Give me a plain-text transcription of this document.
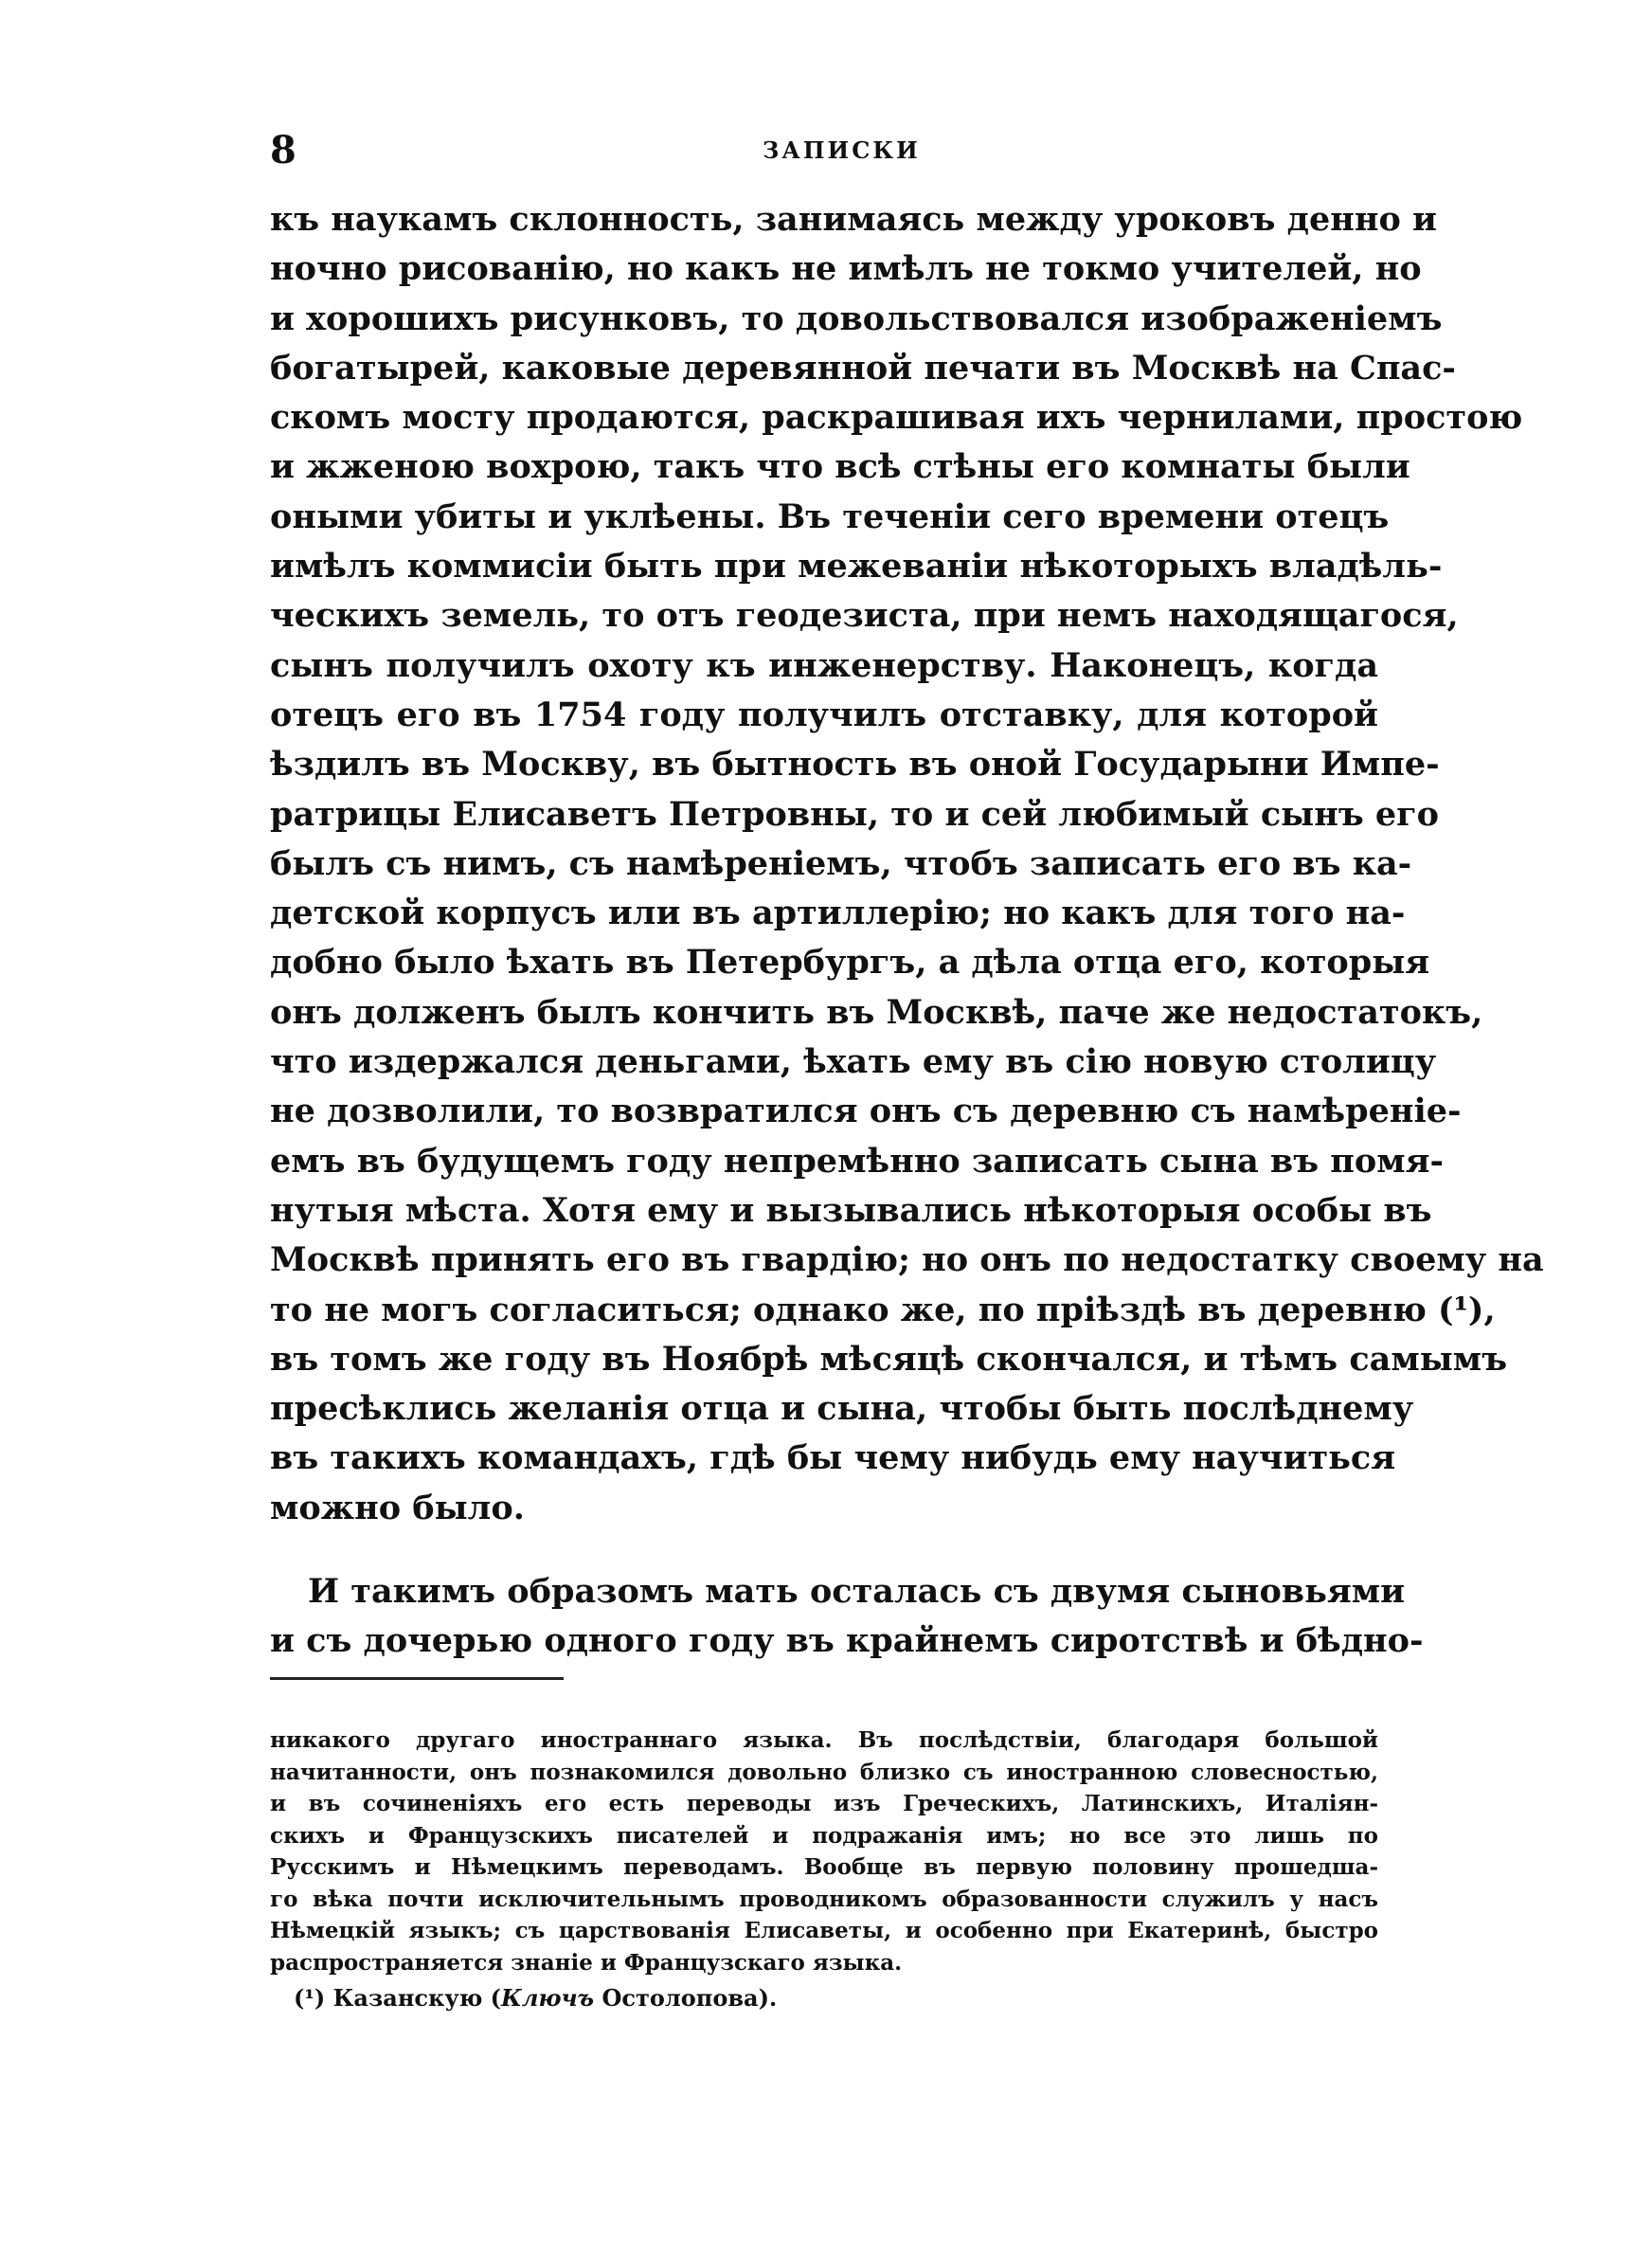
8	ЗАПИСКИ
къ наукамъ склонность, занимаясь между уроковъ денно и
ночно рисованію, но какъ не имѣлъ не токмо учителей, но
и хорошихъ рисунковъ, то довольствовался изображеніемъ
богатырей, каковые деревянной печати въ Москвѣ на Спас-
скомъ мосту продаются, раскрашивая ихъ чернилами, простою
и жженою вохрою, такъ что всѣ стѣны его комнаты были
оными убиты и уклѣены. Въ теченіи сего времени отецъ
имѣлъ коммисіи быть при межеваніи нѣкоторыхъ владѣль-
ческихъ земель, то отъ геодезиста, при немъ находящагося,
сынъ получилъ охоту къ инженерству. Наконецъ, когда
отецъ его въ 1754 году получилъ отставку, для которой
ѣздилъ въ Москву, въ бытность въ оной Государыни Импе-
ратрицы Елисаветъ Петровны, то и сей любимый сынъ его
былъ съ нимъ, съ намѣреніемъ, чтобъ записать его въ ка-
детской корпусъ или въ артиллерію; но какъ для того на-
добно было ѣхать въ Петербургъ, а дѣла отца его, которыя
онъ долженъ былъ кончить въ Москвѣ, паче же недостатокъ,
что издержался деньгами, ѣхать ему въ сію новую столицу
не дозволили, то возвратился онъ съ деревню съ намѣреніе-
емъ въ будущемъ году непремѣнно записать сына въ помя-
нутыя мѣста. Хотя ему и вызывались нѣкоторыя особы въ
Москвѣ принять его въ гвардію; но онъ по недостатку своему на
то не могъ согласиться; однако же, по пріѣздѣ въ деревню (¹),
въ томъ же году въ Ноябрѣ мѣсяцѣ скончался, и тѣмъ самымъ
пресѣклись желанія отца и сына, чтобы быть послѣднему
въ такихъ командахъ, гдѣ бы чему нибудь ему научиться
можно было.
И такимъ образомъ мать осталась съ двумя сыновьями
и съ дочерью одного году въ крайнемъ сиротствѣ и бѣдно-
никакого другаго иностраннаго языка. Въ послѣдствіи, благодаря большой
начитанности, онъ познакомился довольно близко съ иностранною словесностью,
и въ сочиненіяхъ его есть переводы изъ Греческихъ, Латинскихъ, Италіян-
скихъ и Французскихъ писателей и подражанія имъ; но все это лишь по
Русскимъ и Нѣмецкимъ переводамъ. Вообще въ первую половину прошедша-
го вѣка почти исключительнымъ проводникомъ образованности служилъ у насъ
Нѣмецкій языкъ; съ царствованія Елисаветы, и особенно при Екатеринѣ, быстро
распространяется знаніе и Французскаго языка.
(¹) Казанскую (Ключъ Остолопова).
